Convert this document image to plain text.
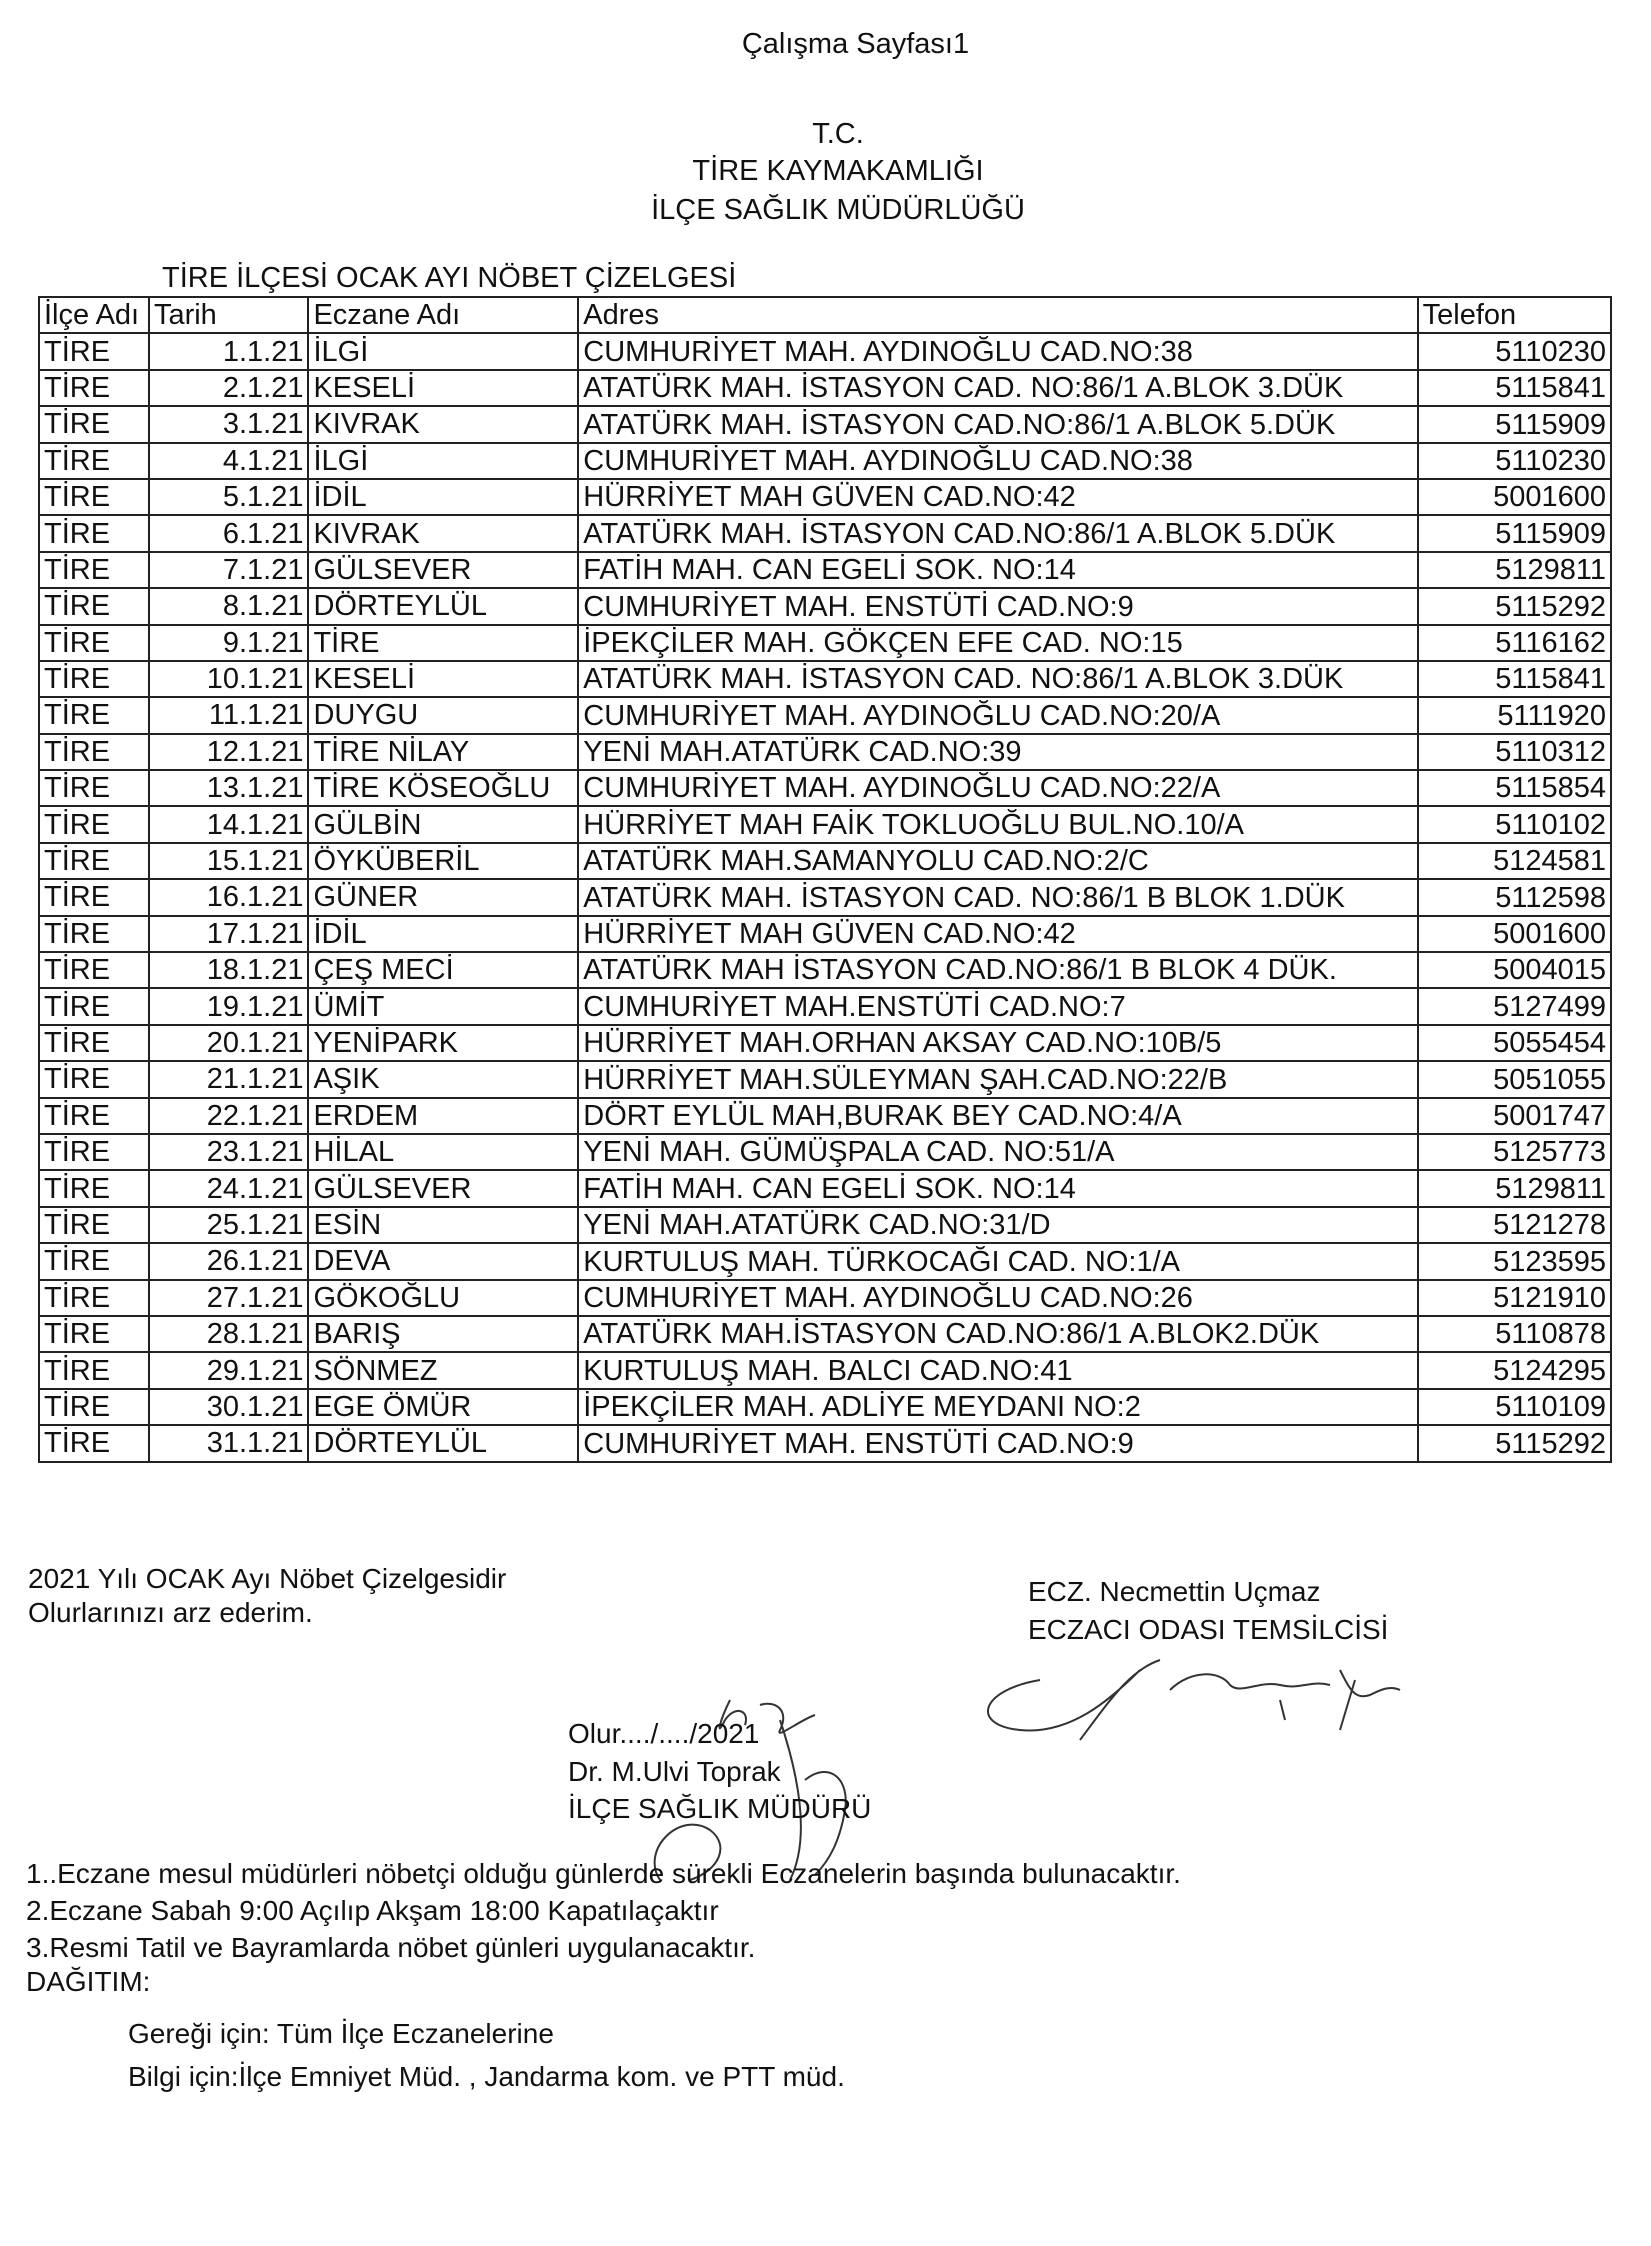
Çalışma Sayfası1
T.C.
TİRE KAYMAKAMLIĞI
İLÇE SAĞLIK MÜDÜRLÜĞÜ
TİRE İLÇESİ OCAK AYI NÖBET ÇİZELGESİ
İlçe Adı	Tarih	Eczane Adı	Adres	Telefon
TİRE	1.1.21	İLGİ	CUMHURİYET MAH. AYDINOĞLU CAD.NO:38	5110230
TİRE	2.1.21	KESELİ	ATATÜRK MAH. İSTASYON CAD. NO:86/1 A.BLOK 3.DÜK	5115841
TİRE	3.1.21	KIVRAK	ATATÜRK MAH. İSTASYON CAD.NO:86/1 A.BLOK 5.DÜK	5115909
TİRE	4.1.21	İLGİ	CUMHURİYET MAH. AYDINOĞLU CAD.NO:38	5110230
TİRE	5.1.21	İDİL	HÜRRİYET MAH GÜVEN CAD.NO:42	5001600
TİRE	6.1.21	KIVRAK	ATATÜRK MAH. İSTASYON CAD.NO:86/1 A.BLOK 5.DÜK	5115909
TİRE	7.1.21	GÜLSEVER	FATİH MAH. CAN EGELİ SOK. NO:14	5129811
TİRE	8.1.21	DÖRTEYLÜL	CUMHURİYET MAH. ENSTÜTİ CAD.NO:9	5115292
TİRE	9.1.21	TİRE	İPEKÇİLER MAH. GÖKÇEN EFE CAD. NO:15	5116162
TİRE	10.1.21	KESELİ	ATATÜRK MAH. İSTASYON CAD. NO:86/1 A.BLOK 3.DÜK	5115841
TİRE	11.1.21	DUYGU	CUMHURİYET MAH. AYDINOĞLU CAD.NO:20/A	5111920
TİRE	12.1.21	TİRE NİLAY	YENİ MAH.ATATÜRK CAD.NO:39	5110312
TİRE	13.1.21	TİRE KÖSEOĞLU	CUMHURİYET MAH. AYDINOĞLU CAD.NO:22/A	5115854
TİRE	14.1.21	GÜLBİN	HÜRRİYET MAH FAİK TOKLUOĞLU BUL.NO.10/A	5110102
TİRE	15.1.21	ÖYKÜBERİL	ATATÜRK MAH.SAMANYOLU CAD.NO:2/C	5124581
TİRE	16.1.21	GÜNER	ATATÜRK MAH. İSTASYON CAD. NO:86/1 B BLOK 1.DÜK	5112598
TİRE	17.1.21	İDİL	HÜRRİYET MAH GÜVEN CAD.NO:42	5001600
TİRE	18.1.21	ÇEŞ MECİ	ATATÜRK MAH İSTASYON CAD.NO:86/1 B BLOK 4 DÜK.	5004015
TİRE	19.1.21	ÜMİT	CUMHURİYET MAH.ENSTÜTİ CAD.NO:7	5127499
TİRE	20.1.21	YENİPARK	HÜRRİYET MAH.ORHAN AKSAY CAD.NO:10B/5	5055454
TİRE	21.1.21	AŞIK	HÜRRİYET MAH.SÜLEYMAN ŞAH.CAD.NO:22/B	5051055
TİRE	22.1.21	ERDEM	DÖRT EYLÜL MAH,BURAK BEY CAD.NO:4/A	5001747
TİRE	23.1.21	HİLAL	YENİ MAH. GÜMÜŞPALA CAD. NO:51/A	5125773
TİRE	24.1.21	GÜLSEVER	FATİH MAH. CAN EGELİ SOK. NO:14	5129811
TİRE	25.1.21	ESİN	YENİ MAH.ATATÜRK CAD.NO:31/D	5121278
TİRE	26.1.21	DEVA	KURTULUŞ MAH. TÜRKOCAĞI CAD. NO:1/A	5123595
TİRE	27.1.21	GÖKOĞLU	CUMHURİYET MAH. AYDINOĞLU CAD.NO:26	5121910
TİRE	28.1.21	BARIŞ	ATATÜRK MAH.İSTASYON CAD.NO:86/1 A.BLOK2.DÜK	5110878
TİRE	29.1.21	SÖNMEZ	KURTULUŞ MAH. BALCI CAD.NO:41	5124295
TİRE	30.1.21	EGE ÖMÜR	İPEKÇİLER MAH. ADLİYE MEYDANI NO:2	5110109
TİRE	31.1.21	DÖRTEYLÜL	CUMHURİYET MAH. ENSTÜTİ CAD.NO:9	5115292
2021 Yılı OCAK Ayı Nöbet Çizelgesidir
Olurlarınızı arz ederim.
ECZ. Necmettin Uçmaz
ECZACI ODASI TEMSİLCİSİ
Olur..../..../2021
Dr. M.Ulvi Toprak
İLÇE SAĞLIK MÜDÜRÜ
1..Eczane mesul müdürleri nöbetçi olduğu günlerde sürekli Eczanelerin başında bulunacaktır.
2.Eczane Sabah 9:00 Açılıp Akşam 18:00 Kapatılaçaktır
3.Resmi Tatil ve Bayramlarda nöbet günleri uygulanacaktır.
DAĞITIM:
Gereği için: Tüm İlçe Eczanelerine
Bilgi için:İlçe Emniyet Müd. , Jandarma kom. ve PTT müd.
